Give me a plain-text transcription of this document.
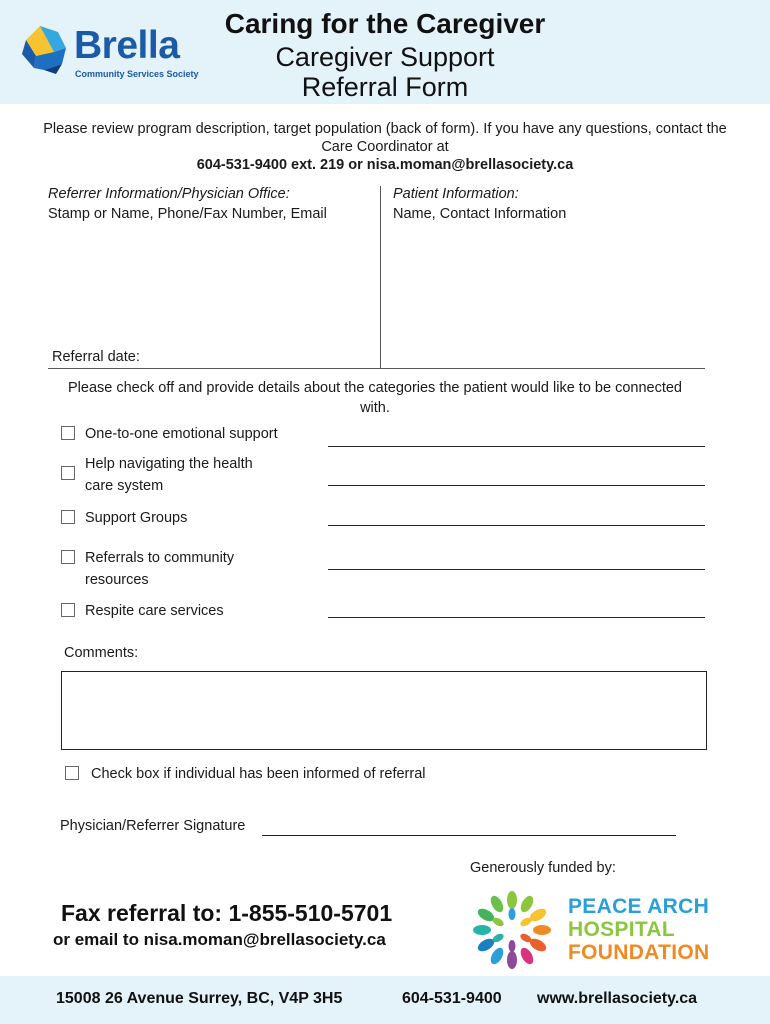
Brella
Community Services Society
Caring for the Caregiver
Caregiver Support
Referral Form
Please review program description, target population (back of form). If you have any questions, contact the Care Coordinator at
604-531-9400 ext. 219 or nisa.moman@brellasociety.ca
Referrer Information/Physician Office:
Stamp or Name, Phone/Fax Number, Email
Patient Information:
Name, Contact Information
Referral date:
Please check off and provide details about the categories the patient would like to be connected with.
One-to-one emotional support
Help navigating the health care system
Support Groups
Referrals to community resources
Respite care services
Comments:
Check box if individual has been informed of referral
Physician/Referrer Signature
Generously funded by:
Fax referral to: 1-855-510-5701
or email to nisa.moman@brellasociety.ca
PEACE ARCH
HOSPITAL
FOUNDATION
15008 26 Avenue Surrey, BC, V4P 3H5	604-531-9400 www.brellasociety.ca
